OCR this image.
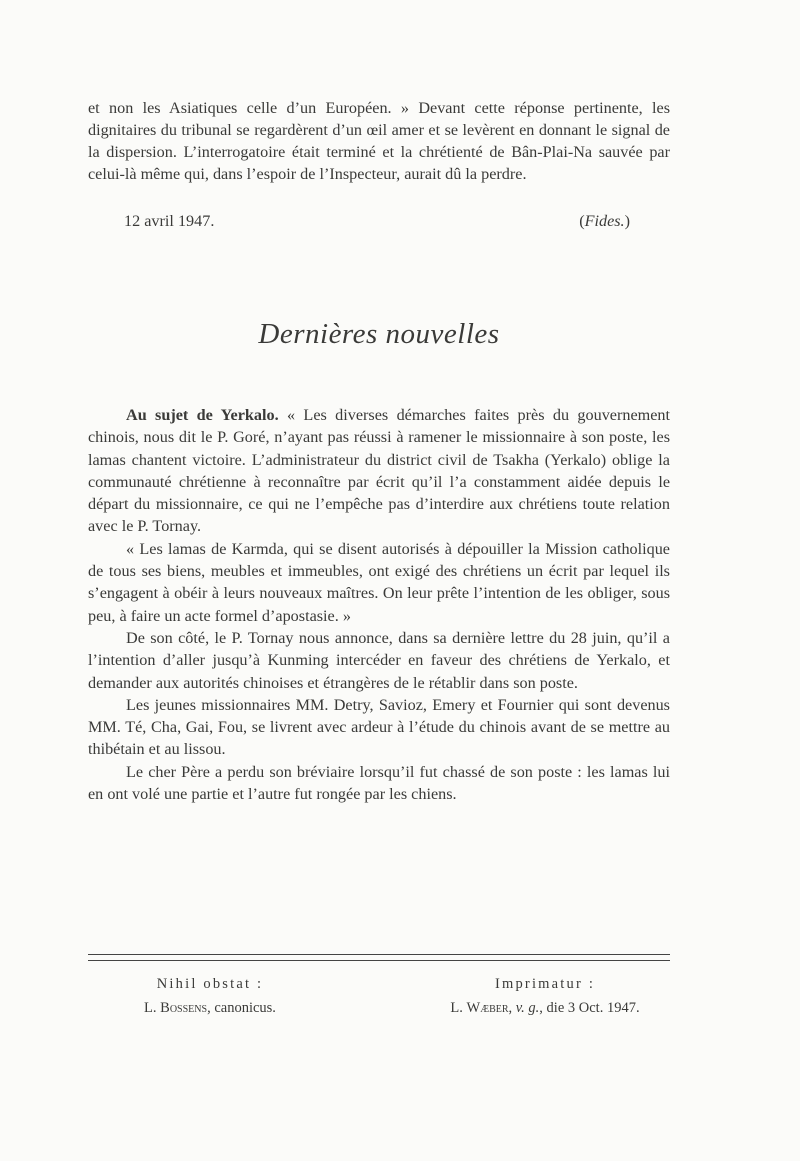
et non les Asiatiques celle d’un Européen. » Devant cette réponse pertinente, les dignitaires du tribunal se regardèrent d’un œil amer et se levèrent en donnant le signal de la dispersion. L’interrogatoire était terminé et la chrétienté de Bân-Plai-Na sauvée par celui-là même qui, dans l’espoir de l’Inspecteur, aurait dû la perdre.

12 avril 1947.	(Fides.)
Dernières nouvelles

Au sujet de Yerkalo. « Les diverses démarches faites près du gouvernement chinois, nous dit le P. Goré, n’ayant pas réussi à ramener le missionnaire à son poste, les lamas chantent victoire. L’administrateur du district civil de Tsakha (Yerkalo) oblige la communauté chrétienne à reconnaître par écrit qu’il l’a constamment aidée depuis le départ du missionnaire, ce qui ne l’empêche pas d’interdire aux chrétiens toute relation avec le P. Tornay.

« Les lamas de Karmda, qui se disent autorisés à dépouiller la Mission catholique de tous ses biens, meubles et immeubles, ont exigé des chrétiens un écrit par lequel ils s’engagent à obéir à leurs nouveaux maîtres. On leur prête l’intention de les obliger, sous peu, à faire un acte formel d’apostasie. »

De son côté, le P. Tornay nous annonce, dans sa dernière lettre du 28 juin, qu’il a l’intention d’aller jusqu’à Kunming intercéder en faveur des chrétiens de Yerkalo, et demander aux autorités chinoises et étrangères de le rétablir dans son poste.

Les jeunes missionnaires MM. Detry, Savioz, Emery et Fournier qui sont devenus MM. Té, Cha, Gai, Fou, se livrent avec ardeur à l’étude du chinois avant de se mettre au thibétain et au lissou.

Le cher Père a perdu son bréviaire lorsqu’il fut chassé de son poste : les lamas lui en ont volé une partie et l’autre fut rongée par les chiens.

Nihil obstat :
L. Bossens, canonicus.
Imprimatur :
L. Wæber, v. g., die 3 Oct. 1947.
